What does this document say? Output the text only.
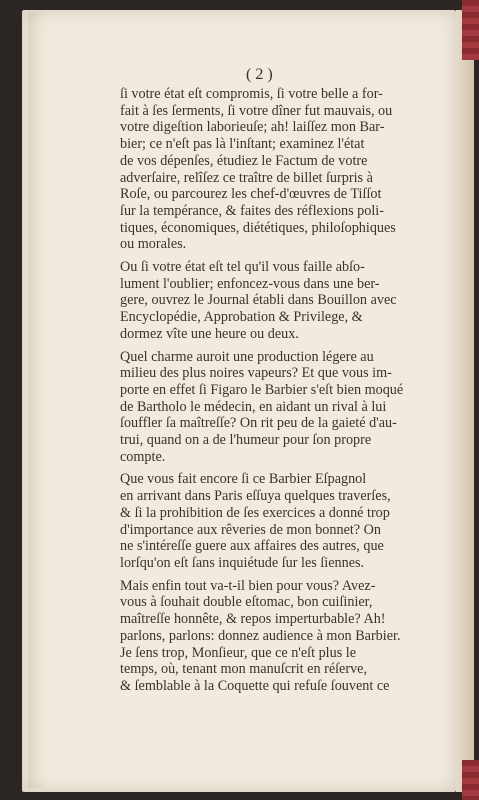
( 2 )
ſi votre état eſt compromis, ſi votre belle a for-
fait à ſes ſerments, ſi votre dîner fut mauvais, ou
votre digeſtion laborieuſe; ah! laiſſez mon Bar-
bier; ce n'eſt pas là l'inſtant; examinez l'état
de vos dépenſes, étudiez le Factum de votre
adverſaire, relîſez ce traître de billet ſurpris à
Roſe, ou parcourez les chef-d'œuvres de Tiſſot
ſur la tempérance, & faites des réflexions poli-
tiques, économiques, diététiques, philoſophiques
ou morales.
Ou ſi votre état eſt tel qu'il vous faille abſo-
lument l'oublier; enfoncez-vous dans une ber-
gere, ouvrez le Journal établi dans Bouillon avec
Encyclopédie, Approbation & Privilege, &
dormez vîte une heure ou deux.
Quel charme auroit une production légere au
milieu des plus noires vapeurs? Et que vous im-
porte en effet ſi Figaro le Barbier s'eſt bien moqué
de Bartholo le médecin, en aidant un rival à lui
ſouffler ſa maîtreſſe? On rit peu de la gaieté d'au-
trui, quand on a de l'humeur pour ſon propre
compte.
Que vous fait encore ſi ce Barbier Eſpagnol
en arrivant dans Paris eſſuya quelques traverſes,
& ſi la prohibition de ſes exercices a donné trop
d'importance aux rêveries de mon bonnet? On
ne s'intéreſſe guere aux affaires des autres, que
lorſqu'on eſt ſans inquiétude ſur les ſiennes.
Mais enfin tout va-t-il bien pour vous? Avez-
vous à ſouhait double eſtomac, bon cuiſinier,
maîtreſſe honnête, & repos imperturbable? Ah!
parlons, parlons: donnez audience à mon Barbier.
Je ſens trop, Monſieur, que ce n'eſt plus le
temps, où, tenant mon manuſcrit en réſerve,
& ſemblable à la Coquette qui refuſe ſouvent ce
